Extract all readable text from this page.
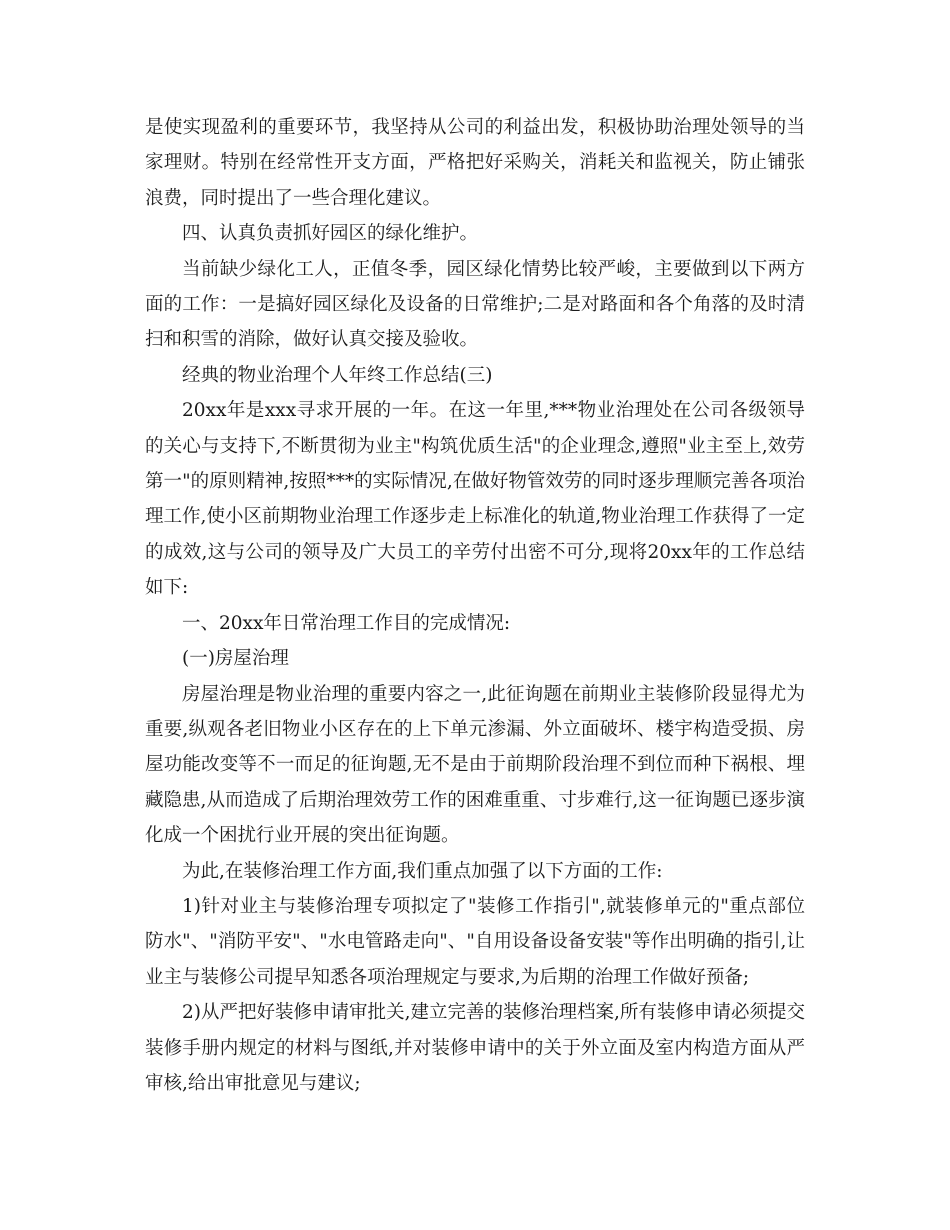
是使实现盈利的重要环节，我坚持从公司的利益出发，积极协助治理处领导的当家理财。特别在经常性开支方面，严格把好采购关，消耗关和监视关，防止铺张浪费，同时提出了一些合理化建议。

四、认真负责抓好园区的绿化维护。

当前缺少绿化工人，正值冬季，园区绿化情势比较严峻，主要做到以下两方面的工作：一是搞好园区绿化及设备的日常维护;二是对路面和各个角落的及时清扫和积雪的消除，做好认真交接及验收。

经典的物业治理个人年终工作总结(三)

20xx年是xxx寻求开展的一年。在这一年里,***物业治理处在公司各级领导的关心与支持下,不断贯彻为业主"构筑优质生活"的企业理念,遵照"业主至上,效劳第一"的原则精神,按照***的实际情况,在做好物管效劳的同时逐步理顺完善各项治理工作,使小区前期物业治理工作逐步走上标准化的轨道,物业治理工作获得了一定的成效,这与公司的领导及广大员工的辛劳付出密不可分,现将20xx年的工作总结如下:

一、20xx年日常治理工作目的完成情况:

(一)房屋治理

房屋治理是物业治理的重要内容之一,此征询题在前期业主装修阶段显得尤为重要,纵观各老旧物业小区存在的上下单元渗漏、外立面破坏、楼宇构造受损、房屋功能改变等不一而足的征询题,无不是由于前期阶段治理不到位而种下祸根、埋藏隐患,从而造成了后期治理效劳工作的困难重重、寸步难行,这一征询题已逐步演化成一个困扰行业开展的突出征询题。

为此,在装修治理工作方面,我们重点加强了以下方面的工作:

1)针对业主与装修治理专项拟定了"装修工作指引",就装修单元的"重点部位防水"、"消防平安"、"水电管路走向"、"自用设备设备安装"等作出明确的指引,让业主与装修公司提早知悉各项治理规定与要求,为后期的治理工作做好预备;

2)从严把好装修申请审批关,建立完善的装修治理档案,所有装修申请必须提交装修手册内规定的材料与图纸,并对装修申请中的关于外立面及室内构造方面从严审核,给出审批意见与建议;
